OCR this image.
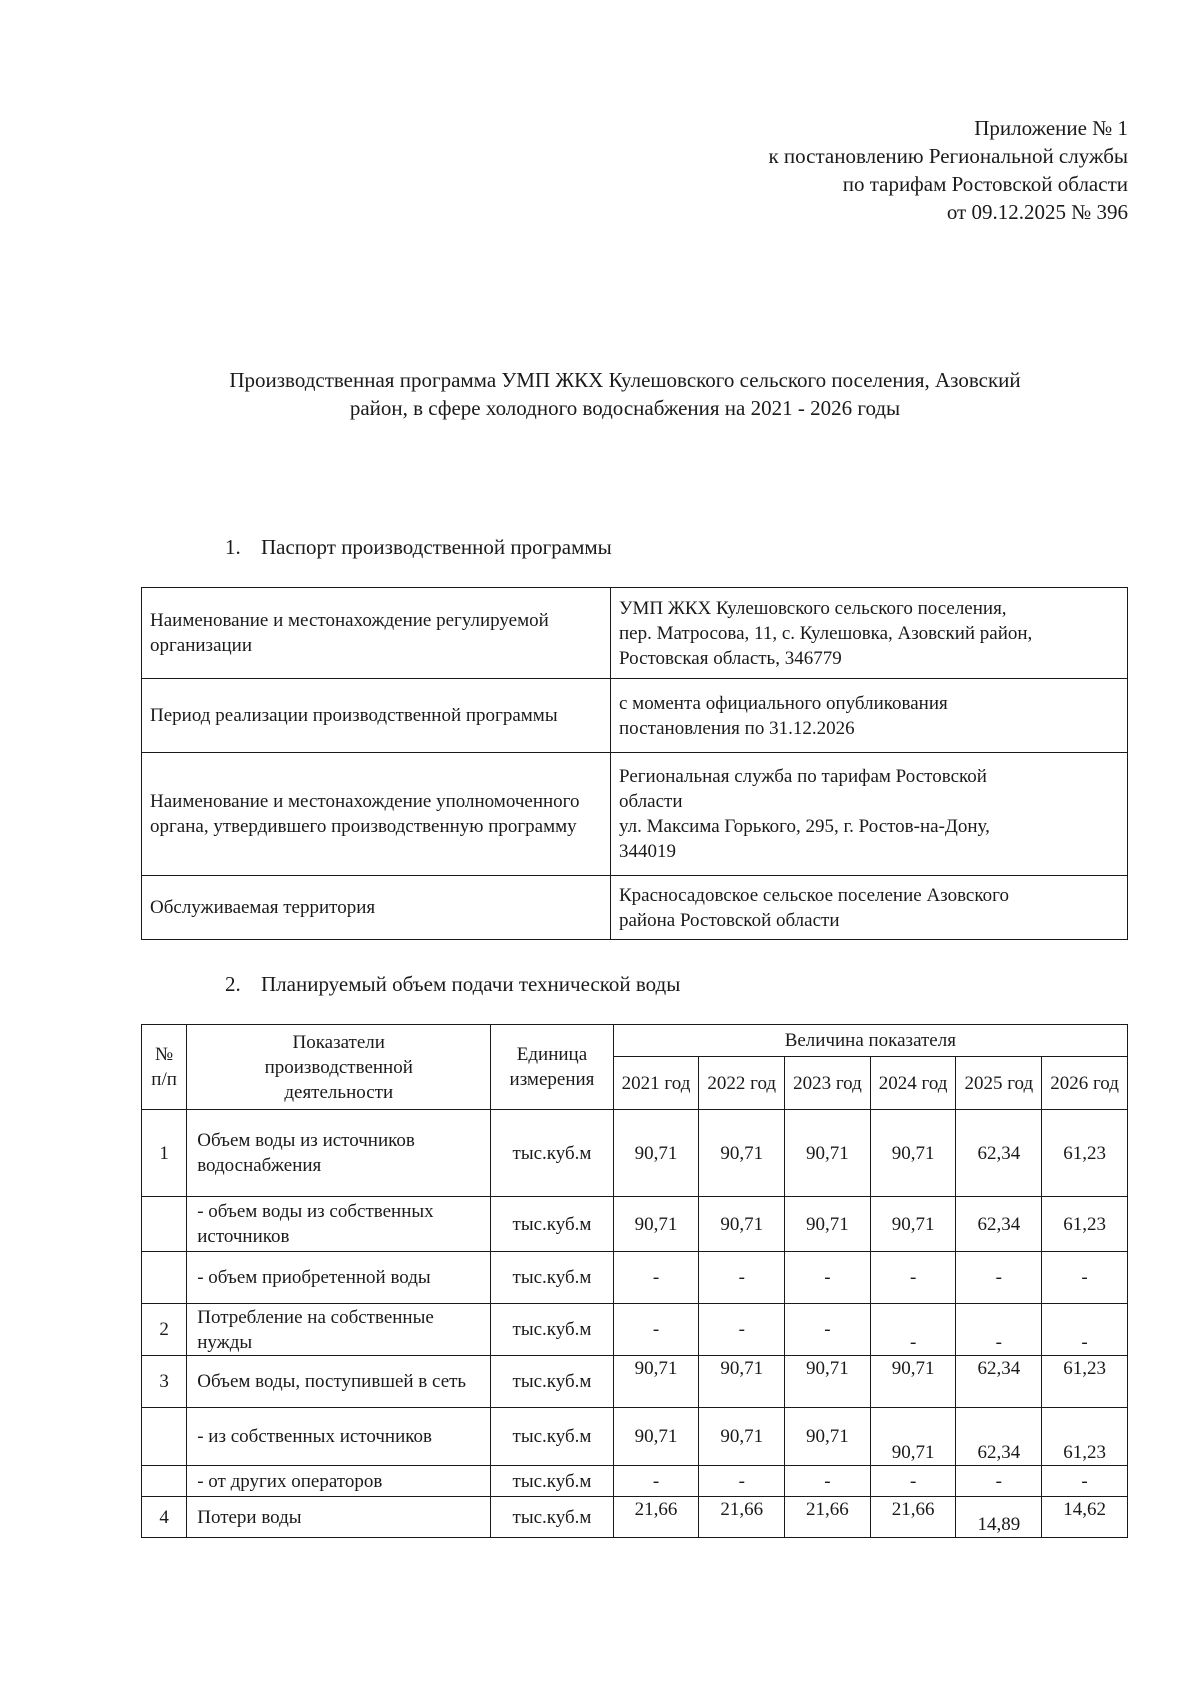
Приложение № 1
к постановлению Региональной службы
по тарифам Ростовской области
от 09.12.2025 № 396
Производственная программа УМП ЖКХ Кулешовского сельского поселения, Азовский
район, в сфере холодного водоснабжения на 2021 - 2026 годы
1. Паспорт производственной программы
Наименование и местонахождение регулируемой организации	УМП ЖКХ Кулешовского сельского поселения,
пер. Матросова, 11, с. Кулешовка, Азовский район,
Ростовская область, 346779

Период реализации производственной программы	с момента официального опубликования
постановления по 31.12.2026

Наименование и местонахождение уполномоченного органа, утвердившего производственную программу	Региональная служба по тарифам Ростовской
области
ул. Максима Горького, 295, г. Ростов-на-Дону,
344019

Обслуживаемая территория	Красносадовское сельское поселение Азовского
района Ростовской области
2. Планируемый объем подачи технической воды
№ п/п	Показатели производственной деятельности	Единица измерения	Величина показателя					
			2021 год	2022 год	2023 год	2024 год	2025 год	2026 год
1	Объем воды из источников водоснабжения	тыс.куб.м	90,71	90,71	90,71	90,71	62,34	61,23
	- объем воды из собственных источников	тыс.куб.м	90,71	90,71	90,71	90,71	62,34	61,23
	- объем приобретенной воды	тыс.куб.м	-	-	-	-	-	-
2	Потребление на собственные нужды	тыс.куб.м	-	-	-	-	-	-
3	Объем воды, поступившей в сеть	тыс.куб.м	90,71	90,71	90,71	90,71	62,34	61,23
	- из собственных источников	тыс.куб.м	90,71	90,71	90,71	90,71	62,34	61,23
	- от других операторов	тыс.куб.м	-	-	-	-	-	-
4	Потери воды	тыс.куб.м	21,66	21,66	21,66	21,66	14,89	14,62
